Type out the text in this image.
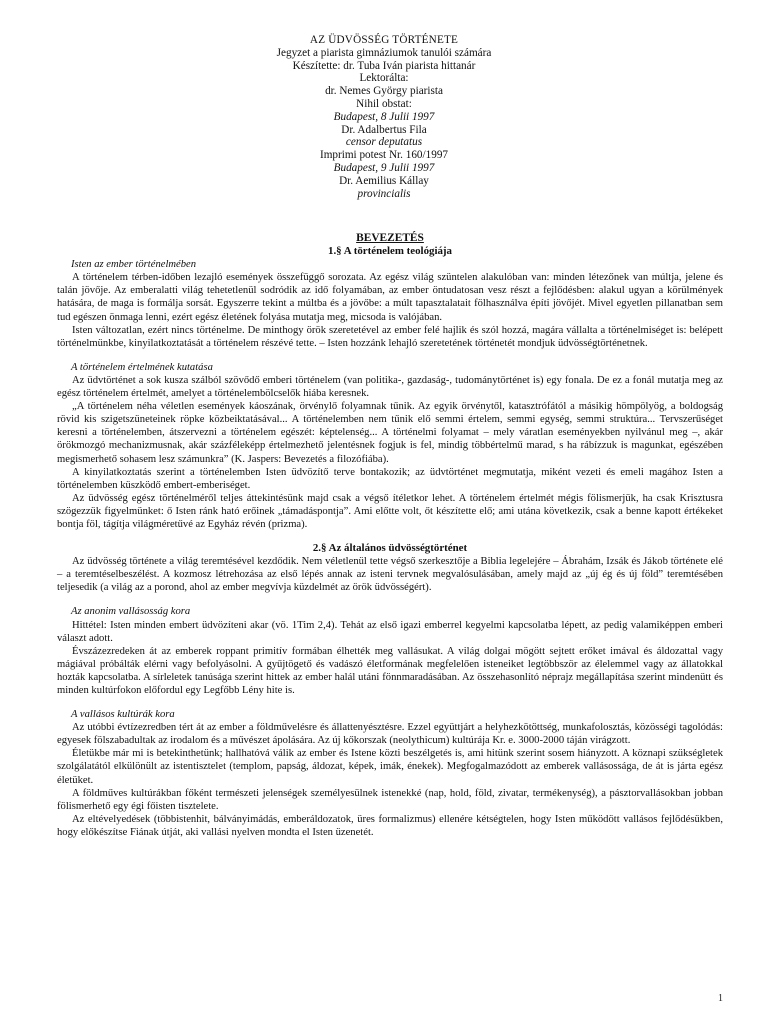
AZ ÜDVÖSSÉG TÖRTÉNETE
Jegyzet a piarista gimnáziumok tanulói számára
Készítette: dr. Tuba Iván piarista hittanár
Lektorálta:
dr. Nemes György piarista
Nihil obstat:
Budapest, 8 Julii 1997
Dr. Adalbertus Fila
censor deputatus
Imprimi potest Nr. 160/1997
Budapest, 9 Julii 1997
Dr. Aemilius Kállay
provincialis
BEVEZETÉS
1.§ A történelem teológiája
Isten az ember történelmében

A történelem térben-időben lezajló események összefüggő sorozata. Az egész világ szüntelen alakulóban van: minden létezőnek van múltja, jelene és talán jövője. Az emberalatti világ tehetetlenül sodródik az idő folyamában, az ember öntudatosan vesz részt a fejlődésben: alakul ugyan a körülmények hatására, de maga is formálja sorsát. Egyszerre tekint a múltba és a jövőbe: a múlt tapasztalatait fölhasználva építi jövőjét. Mivel egyetlen pillanatban sem tud egészen önmaga lenni, ezért egész életének folyása mutatja meg, micsoda is valójában.

Isten változatlan, ezért nincs történelme. De minthogy örök szeretetével az ember felé hajlik és szól hozzá, magára vállalta a történelmiséget is: belépett történelmünkbe, kinyilatkoztatását a történelem részévé tette. – Isten hozzánk lehajló szeretetének történetét mondjuk üdvösségtörténetnek.

A történelem értelmének kutatása

Az üdvtörténet a sok kusza szálból szövődő emberi történelem (van politika-, gazdaság-, tudománytörténet is) egy fonala. De ez a fonál mutatja meg az egész történelem értelmét, amelyet a történelembölcselők hiába keresnek.

„A történelem néha véletlen események káoszának, örvénylő folyamnak tűnik. Az egyik örvénytől, katasztrófától a másikig hömpölyög, a boldogság rövid kis szigetszüneteinek röpke közbeiktatásával... A történelemben nem tűnik elő semmi értelem, semmi egység, semmi struktúra... Tervszerűséget keresni a történelemben, átszervezni a történelem egészét: képtelenség... A történelmi folyamat – mely váratlan eseményekben nyilvánul meg –, akár örökmozgó mechanizmusnak, akár százféleképp értelmezhető jelentésnek fogjuk is fel, mindig többértelmű marad, s ha rábízzuk is magunkat, egészében megismerhető sohasem lesz számunkra” (K. Jaspers: Bevezetés a filozófiába).

A kinyilatkoztatás szerint a történelemben Isten üdvözítő terve bontakozik; az üdvtörténet megmutatja, miként vezeti és emeli magához Isten a történelemben küszködő embert-emberiséget.

Az üdvösség egész történelméről teljes áttekintésünk majd csak a végső ítéletkor lehet. A történelem értelmét mégis fölismerjük, ha csak Krisztusra szögezzük figyelmünket: ő Isten ránk ható erőinek „támadáspontja”. Ami előtte volt, őt készítette elő; ami utána következik, csak a benne kapott értékeket bontja föl, tágítja világméretűvé az Egyház révén (prizma).

2.§ Az általános üdvösségtörténet

Az üdvösség története a világ teremtésével kezdődik. Nem véletlenül tette végső szerkesztője a Biblia legelejére – Ábrahám, Izsák és Jákob története elé – a teremtéselbeszélést. A kozmosz létrehozása az első lépés annak az isteni tervnek megvalósulásában, amely majd az „új ég és új föld” teremtésében teljesedik (a világ az a porond, ahol az ember megvívja küzdelmét az örök üdvösségért).

Az anonim vallásosság kora

Hittétel: Isten minden embert üdvözíteni akar (vö. 1Tim 2,4). Tehát az első igazi emberrel kegyelmi kapcsolatba lépett, az pedig valamiképpen emberi választ adott.

Évszázezredeken át az emberek roppant primitív formában élhették meg vallásukat. A világ dolgai mögött sejtett erőket imával és áldozattal vagy mágiával próbálták elérni vagy befolyásolni. A gyűjtögető és vadászó életformának megfelelően isteneiket legtöbbször az élelemmel vagy az állatokkal hozták kapcsolatba. A sírleletek tanúsága szerint hittek az ember halál utáni fönnmaradásában. Az összehasonlító néprajz megállapítása szerint mindenütt és minden kultúrfokon előfordul egy Legfőbb Lény hite is.

A vallásos kultúrák kora

Az utóbbi évtízezredben tért át az ember a földművelésre és állattenyésztésre. Ezzel együttjárt a helyhezkötöttség, munkafolosztás, közösségi tagolódás: egyesek fölszabadultak az irodalom és a művészet ápolására. Az új kőkorszak (neolythicum) kultúrája Kr. e. 3000-2000 táján virágzott.

Életükbe már mi is betekinthetünk; hallhatóvá válik az ember és Istene közti beszélgetés is, ami hitünk szerint sosem hiányzott. A köznapi szükségletek szolgálatától elkülönült az istentisztelet (templom, papság, áldozat, képek, imák, énekek). Megfogalmazódott az emberek vallásossága, de át is járta egész életüket.

A földműves kultúrákban főként természeti jelenségek személyesülnek istenekké (nap, hold, föld, zivatar, termékenység), a pásztorvallásokban jobban fölismerhető egy égi főisten tisztelete.

Az eltévelyedések (többistenhit, bálványimádás, emberáldozatok, üres formalizmus) ellenére kétségtelen, hogy Isten működött vallásos fejlődésükben, hogy előkészítse Fiának útját, aki vallási nyelven mondta el Isten üzenetét.

1
